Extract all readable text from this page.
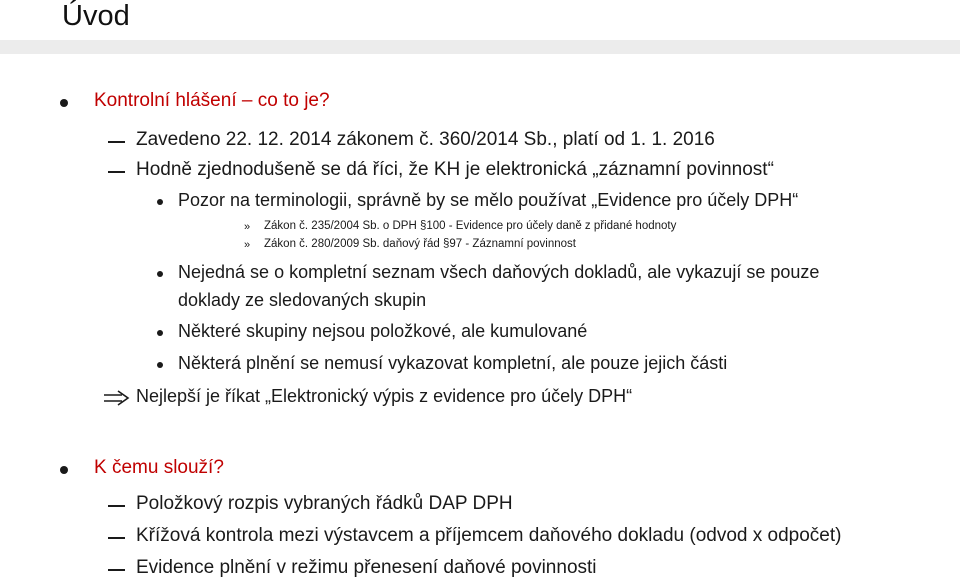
Úvod
Kontrolní hlášení – co to je?
Zavedeno 22. 12. 2014 zákonem č. 360/2014 Sb., platí od 1. 1. 2016
Hodně zjednodušeně se dá říci, že KH je elektronická „záznamní povinnost“
Pozor na terminologii, správně by se mělo používat „Evidence pro účely DPH“
» Zákon č. 235/2004 Sb. o DPH §100 - Evidence pro účely daně z přidané hodnoty
» Zákon č. 280/2009 Sb. daňový řád §97 - Záznamní povinnost
Nejedná se o kompletní seznam všech daňových dokladů, ale vykazují se pouze
doklady ze sledovaných skupin
Některé skupiny nejsou položkové, ale kumulované
Některá plnění se nemusí vykazovat kompletní, ale pouze jejich části
Nejlepší je říkat „Elektronický výpis z evidence pro účely DPH“
K čemu slouží?
Položkový rozpis vybraných řádků DAP DPH
Křížová kontrola mezi výstavcem a příjemcem daňového dokladu (odvod x odpočet)
Evidence plnění v režimu přenesení daňové povinnosti
